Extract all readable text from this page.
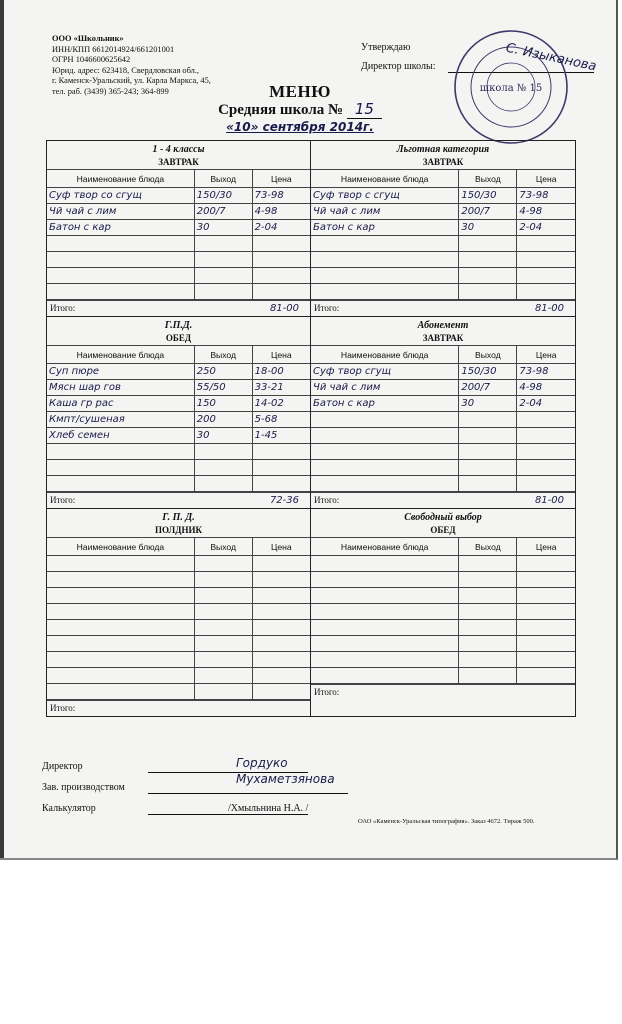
ООО «Школьник»
ИНН/КПП 6612014924/661201001
ОГРН 1046600625642
Юрид. адрес: 623418, Свердловская обл.,
г. Каменск-Уральский, ул. Карла Маркса, 45,
тел. раб. (3439) 365-243; 364-899
Утверждаю
Директор школы:
школа № 15
С. Изыканова
МЕНЮ
Средняя школа № 15
«10» сентября 2014г.
1 - 4 классы
ЗАВТРАК
Наименование блюда	Выход	Цена
Суф твор со сгущ	150/30	73-98
Чй чай с лим	200/7	4-98
Батон с кар	30	2-04

Итого:	81-00
Льготная категория
ЗАВТРАК
Наименование блюда	Выход	Цена
Суф твор с сгущ	150/30	73-98
Чй чай с лим	200/7	4-98
Батон с кар	30	2-04

Итого:	81-00
Г.П.Д.
ОБЕД
Наименование блюда	Выход	Цена
Суп пюре	250	18-00
Мясн шар гов	55/50	33-21
Каша гр рас	150	14-02
Кмпт/сушеная	200	5-68
Хлеб семен	30	1-45

Итого:	72-36
Абонемент
ЗАВТРАК
Наименование блюда	Выход	Цена
Суф твор сгущ	150/30	73-98
Чй чай с лим	200/7	4-98
Батон с кар	30	2-04

Итого:	81-00
Г. П. Д.
ПОЛДНИК
Наименование блюда	Выход	Цена

Итого:
Свободный выбор
ОБЕД
Наименование блюда	Выход	Цена

Итого:
Директор	Гордуко
Зав. производством
Мухаметзянова
Калькулятор	/Хмыльнина Н.А. /
ОАО «Каменск-Уральская типография». Заказ 4672. Тираж 500.
